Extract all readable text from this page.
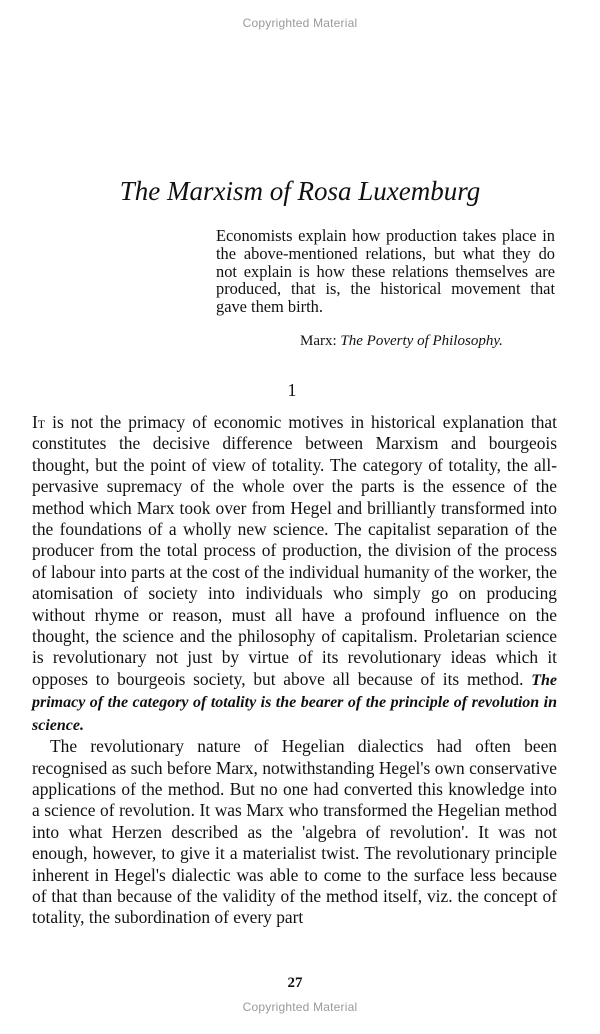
Copyrighted Material
The Marxism of Rosa Luxemburg

Economists explain how production takes place in the above-mentioned relations, but what they do not explain is how these relations themselves are produced, that is, the historical movement that gave them birth.

Marx: The Poverty of Philosophy.
1

It is not the primacy of economic motives in historical explanation that constitutes the decisive difference between Marxism and bourgeois thought, but the point of view of totality. The category of totality, the all-pervasive supremacy of the whole over the parts is the essence of the method which Marx took over from Hegel and brilliantly transformed into the foundations of a wholly new science. The capitalist separation of the producer from the total process of production, the division of the process of labour into parts at the cost of the individual humanity of the worker, the atomisation of society into individuals who simply go on producing without rhyme or reason, must all have a profound influence on the thought, the science and the philosophy of capitalism. Proletarian science is revolutionary not just by virtue of its revolutionary ideas which it opposes to bourgeois society, but above all because of its method. The primacy of the category of totality is the bearer of the principle of revolution in science.

The revolutionary nature of Hegelian dialectics had often been recognised as such before Marx, notwithstanding Hegel's own conservative applications of the method. But no one had converted this knowledge into a science of revolution. It was Marx who transformed the Hegelian method into what Herzen described as the 'algebra of revolution'. It was not enough, however, to give it a materialist twist. The revolutionary principle inherent in Hegel's dialectic was able to come to the surface less because of that than because of the validity of the method itself, viz. the concept of totality, the subordination of every part

27
Copyrighted Material
